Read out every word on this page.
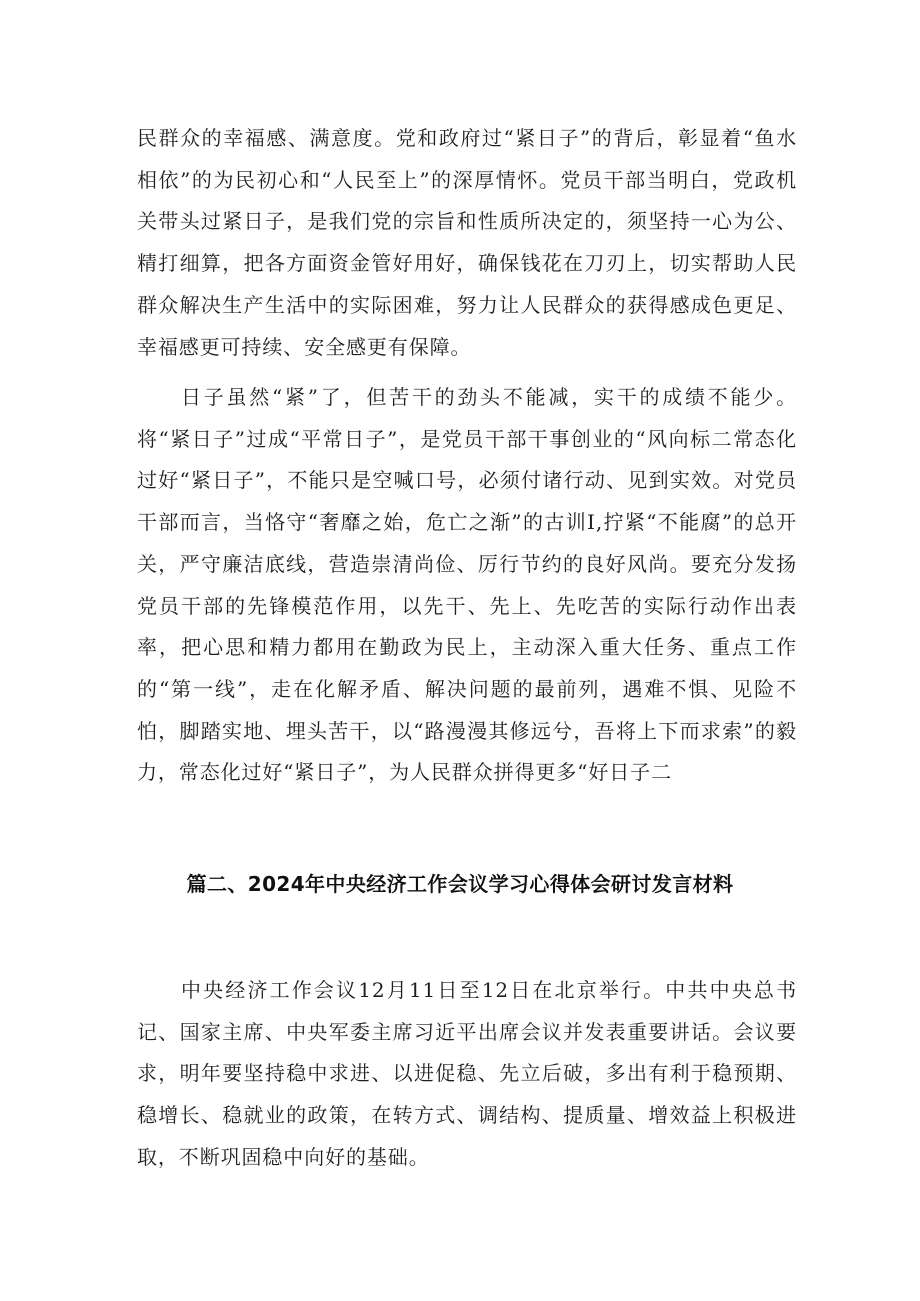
民群众的幸福感、满意度。党和政府过“紧日子”的背后，彰显着“鱼水相依”的为民初心和“人民至上”的深厚情怀。党员干部当明白，党政机关带头过紧日子，是我们党的宗旨和性质所决定的，须坚持一心为公、精打细算，把各方面资金管好用好，确保钱花在刀刃上，切实帮助人民群众解决生产生活中的实际困难，努力让人民群众的获得感成色更足、幸福感更可持续、安全感更有保障。

日子虽然“紧”了，但苦干的劲头不能减，实干的成绩不能少。将“紧日子”过成“平常日子”，是党员干部干事创业的“风向标二常态化过好“紧日子”，不能只是空喊口号，必须付诸行动、见到实效。对党员干部而言，当恪守“奢靡之始，危亡之渐”的古训I,拧紧“不能腐”的总开关，严守廉洁底线，营造崇清尚俭、厉行节约的良好风尚。要充分发扬党员干部的先锋模范作用，以先干、先上、先吃苦的实际行动作出表率，把心思和精力都用在勤政为民上，主动深入重大任务、重点工作的“第一线”，走在化解矛盾、解决问题的最前列，遇难不惧、见险不怕，脚踏实地、埋头苦干，以“路漫漫其修远兮，吾将上下而求索”的毅力，常态化过好“紧日子”，为人民群众拼得更多“好日子二

篇二、2024年中央经济工作会议学习心得体会研讨发言材料

中央经济工作会议12月11日至12日在北京举行。中共中央总书记、国家主席、中央军委主席习近平出席会议并发表重要讲话。会议要求，明年要坚持稳中求进、以进促稳、先立后破，多出有利于稳预期、稳增长、稳就业的政策，在转方式、调结构、提质量、增效益上积极进取，不断巩固稳中向好的基础。
